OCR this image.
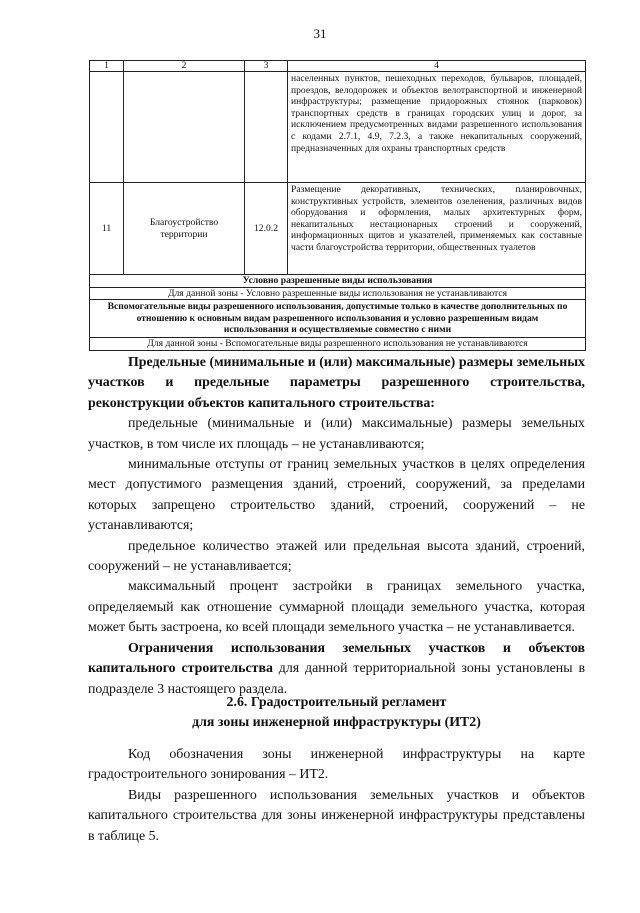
31
1	2	3	4
			населенных пунктов, пешеходных переходов, бульваров, площадей, проездов, велодорожек и объектов велотранспортной и инженерной инфраструктуры; размещение придорожных стоянок (парковок) транспортных средств в границах городских улиц и дорог, за исключением предусмотренных видами разрешенного использования с кодами 2.7.1, 4.9, 7.2.3, а также некапитальных сооружений, предназначенных для охраны транспортных средств
11	Благоустройство территории	12.0.2	Размещение декоративных, технических, планировочных, конструктивных устройств, элементов озеленения, различных видов оборудования и оформления, малых архитектурных форм, некапитальных нестационарных строений и сооружений, информационных щитов и указателей, применяемых как составные части благоустройства территории, общественных туалетов
Условно разрешенные виды использования			
Для данной зоны - Условно разрешенные виды использования не устанавливаются			
Вспомогательные виды разрешенного использования, допустимые только в качестве дополнительных по отношению к основным видам разрешенного использования и условно разрешенным видам использования и осуществляемые совместно с ними			
Для данной зоны - Вспомогательные виды разрешенного использования не устанавливаются			

Предельные (минимальные и (или) максимальные) размеры земельных участков и предельные параметры разрешенного строительства, реконструкции объектов капитального строительства:

предельные (минимальные и (или) максимальные) размеры земельных участков, в том числе их площадь – не устанавливаются;

минимальные отступы от границ земельных участков в целях определения мест допустимого размещения зданий, строений, сооружений, за пределами которых запрещено строительство зданий, строений, сооружений – не устанавливаются;

предельное количество этажей или предельная высота зданий, строений, сооружений – не устанавливается;

максимальный процент застройки в границах земельного участка, определяемый как отношение суммарной площади земельного участка, которая может быть застроена, ко всей площади земельного участка – не устанавливается.

Ограничения использования земельных участков и объектов капитального строительства для данной территориальной зоны установлены в подразделе 3 настоящего раздела.

2.6. Градостроительный регламент

для зоны инженерной инфраструктуры (ИТ2)

Код обозначения зоны инженерной инфраструктуры на карте градостроительного зонирования – ИТ2.

Виды разрешенного использования земельных участков и объектов капитального строительства для зоны инженерной инфраструктуры представлены в таблице 5.
